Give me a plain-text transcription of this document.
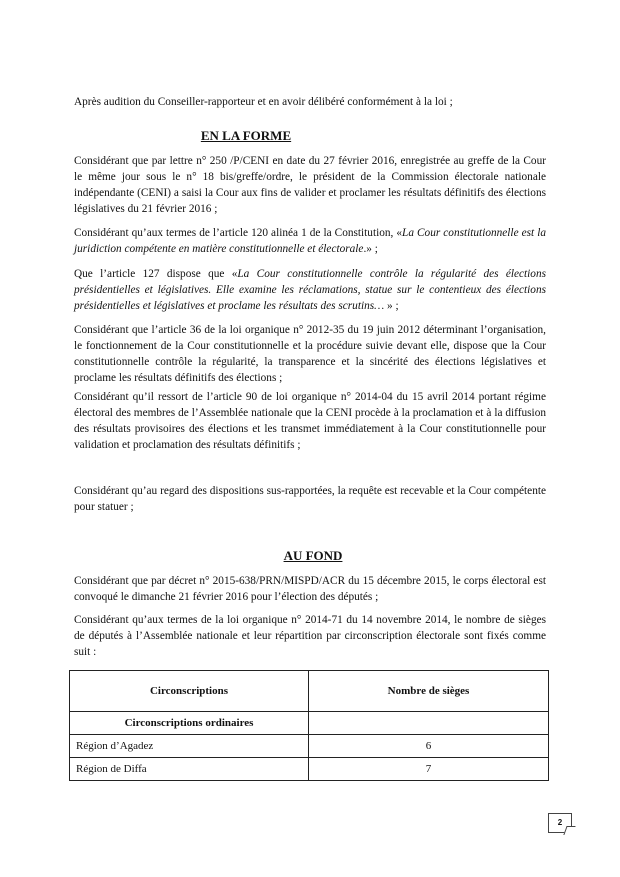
Après audition du Conseiller-rapporteur et en avoir délibéré conformément à la loi ;

EN LA FORME

Considérant que par lettre n° 250 /P/CENI en date du 27 février 2016, enregistrée au greffe de la Cour le même jour sous le n° 18 bis/greffe/ordre, le président de la Commission électorale nationale indépendante (CENI) a saisi la Cour aux fins de valider et proclamer les résultats définitifs des élections législatives du 21 février 2016 ;

Considérant qu’aux termes de l’article 120 alinéa 1 de la Constitution, «La Cour constitutionnelle est la juridiction compétente en matière constitutionnelle et électorale.» ;

Que l’article 127 dispose que «La Cour constitutionnelle contrôle la régularité des élections présidentielles et législatives. Elle examine les réclamations, statue sur le contentieux des élections présidentielles et législatives et proclame les résultats des scrutins… » ;

Considérant que l’article 36 de la loi organique n° 2012-35 du 19 juin 2012 déterminant l’organisation, le fonctionnement de la Cour constitutionnelle et la procédure suivie devant elle, dispose que la Cour constitutionnelle contrôle la régularité, la transparence et la sincérité des élections législatives et proclame les résultats définitifs des élections ;

Considérant qu’il ressort de l’article 90 de loi organique n° 2014-04 du 15 avril 2014 portant régime électoral des membres de l’Assemblée nationale que la CENI procède à la proclamation et à la diffusion des résultats provisoires des élections et les transmet immédiatement à la Cour constitutionnelle pour validation et proclamation des résultats définitifs ;

Considérant qu’au regard des dispositions sus-rapportées, la requête est recevable et la Cour compétente pour statuer ;

AU FOND

Considérant que par décret n° 2015-638/PRN/MISPD/ACR du 15 décembre 2015, le corps électoral est convoqué le dimanche 21 février 2016 pour l’élection des députés ;

Considérant qu’aux termes de la loi organique n° 2014-71 du 14 novembre 2014, le nombre de sièges de députés à l’Assemblée nationale et leur répartition par circonscription électorale sont fixés comme suit :

Circonscriptions	Nombre de sièges
Circonscriptions ordinaires	
Région d’Agadez	6
Région de Diffa	7
2
